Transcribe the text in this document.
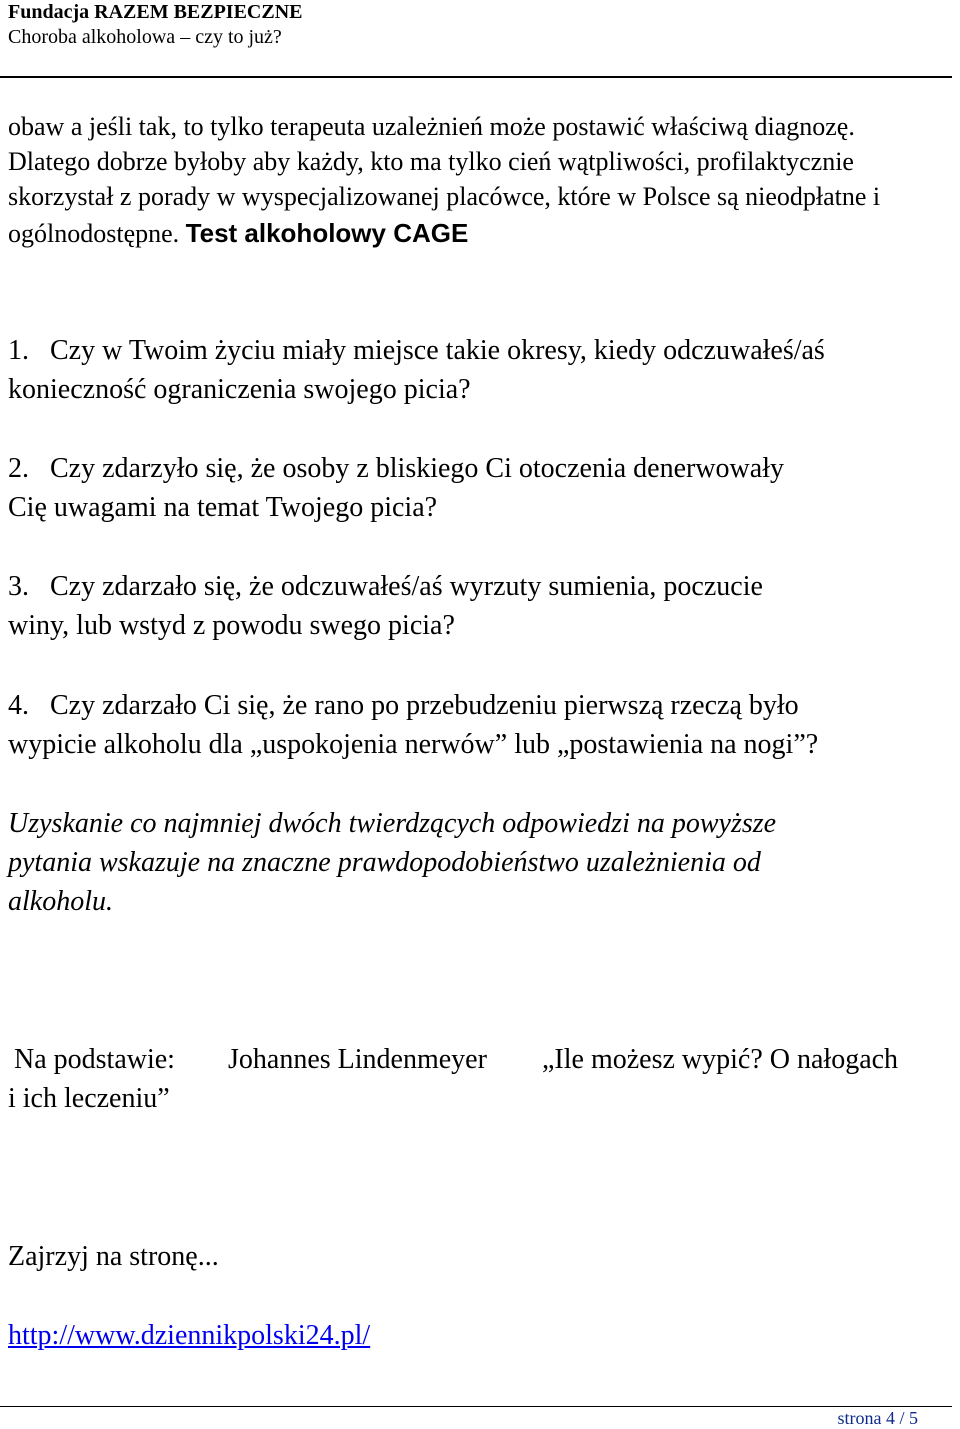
Fundacja RAZEM BEZPIECZNE
Choroba alkoholowa – czy to już?
obaw a jeśli tak, to tylko terapeuta uzależnień może postawić właściwą diagnozę.
Dlatego dobrze byłoby aby każdy, kto ma tylko cień wątpliwości, profilaktycznie
skorzystał z porady w wyspecjalizowanej placówce, które w Polsce są nieodpłatne i
ogólnodostępne. Test alkoholowy CAGE
1. Czy w Twoim życiu miały miejsce takie okresy, kiedy odczuwałeś/aś
konieczność ograniczenia swojego picia?
2. Czy zdarzyło się, że osoby z bliskiego Ci otoczenia denerwowały
Cię uwagami na temat Twojego picia?
3. Czy zdarzało się, że odczuwałeś/aś wyrzuty sumienia, poczucie
winy, lub wstyd z powodu swego picia?
4. Czy zdarzało Ci się, że rano po przebudzeniu pierwszą rzeczą było
wypicie alkoholu dla „uspokojenia nerwów” lub „postawienia na nogi”?
Uzyskanie co najmniej dwóch twierdzących odpowiedzi na powyższe
pytania wskazuje na znaczne prawdopodobieństwo uzależnienia od
alkoholu.
Na podstawie: Johannes Lindenmeyer „Ile możesz wypić? O nałogach
i ich leczeniu”
Zajrzyj na stronę...
http://www.dziennikpolski24.pl/
strona 4 / 5
